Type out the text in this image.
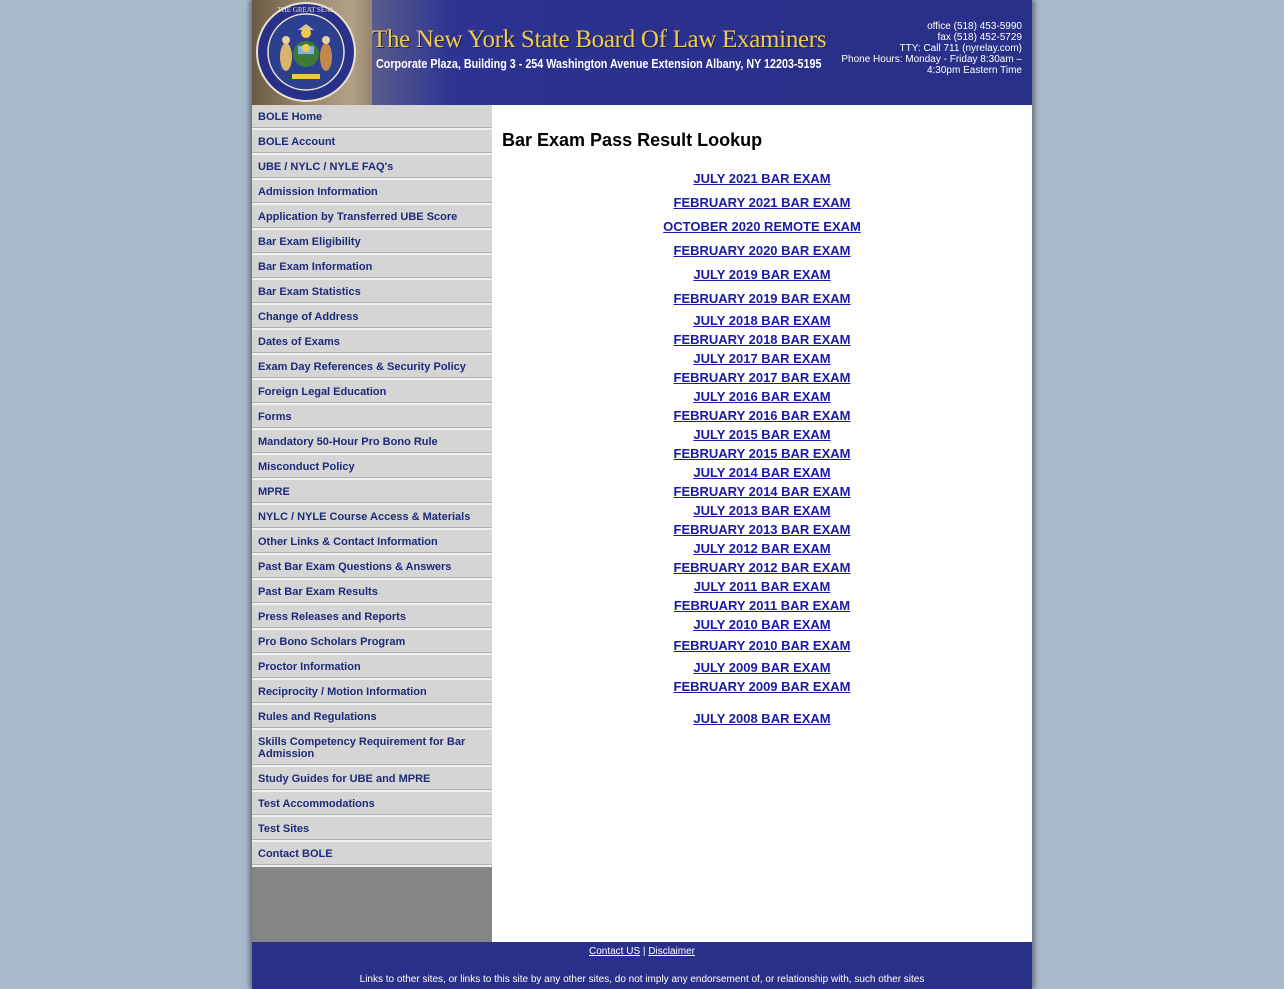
THE GREAT SEAL
The New York State Board Of Law Examiners
Corporate Plaza, Building 3 - 254 Washington Avenue Extension Albany, NY 12203-5195
office (518) 453-5990
fax (518) 452-5729
TTY: Call 711 (nyrelay.com)
Phone Hours: Monday - Friday 8:30am –
4:30pm Eastern Time
BOLE Home
BOLE Account
UBE / NYLC / NYLE FAQ's
Admission Information
Application by Transferred UBE Score
Bar Exam Eligibility
Bar Exam Information
Bar Exam Statistics
Change of Address
Dates of Exams
Exam Day References & Security Policy
Foreign Legal Education
Forms
Mandatory 50-Hour Pro Bono Rule
Misconduct Policy
MPRE
NYLC / NYLE Course Access & Materials
Other Links & Contact Information
Past Bar Exam Questions & Answers
Past Bar Exam Results
Press Releases and Reports
Pro Bono Scholars Program
Proctor Information
Reciprocity / Motion Information
Rules and Regulations
Skills Competency Requirement for Bar Admission
Study Guides for UBE and MPRE
Test Accommodations
Test Sites
Contact BOLE
Bar Exam Pass Result Lookup
JULY 2021 BAR EXAM
FEBRUARY 2021 BAR EXAM
OCTOBER 2020 REMOTE EXAM
FEBRUARY 2020 BAR EXAM
JULY 2019 BAR EXAM
FEBRUARY 2019 BAR EXAM
JULY 2018 BAR EXAM
FEBRUARY 2018 BAR EXAM
JULY 2017 BAR EXAM
FEBRUARY 2017 BAR EXAM
JULY 2016 BAR EXAM
FEBRUARY 2016 BAR EXAM
JULY 2015 BAR EXAM
FEBRUARY 2015 BAR EXAM
JULY 2014 BAR EXAM
FEBRUARY 2014 BAR EXAM
JULY 2013 BAR EXAM
FEBRUARY 2013 BAR EXAM
JULY 2012 BAR EXAM
FEBRUARY 2012 BAR EXAM
JULY 2011 BAR EXAM
FEBRUARY 2011 BAR EXAM
JULY 2010 BAR EXAM
FEBRUARY 2010 BAR EXAM
JULY 2009 BAR EXAM
FEBRUARY 2009 BAR EXAM
JULY 2008 BAR EXAM
Contact US | Disclaimer
Links to other sites, or links to this site by any other sites, do not imply any endorsement of, or relationship with, such other sites
